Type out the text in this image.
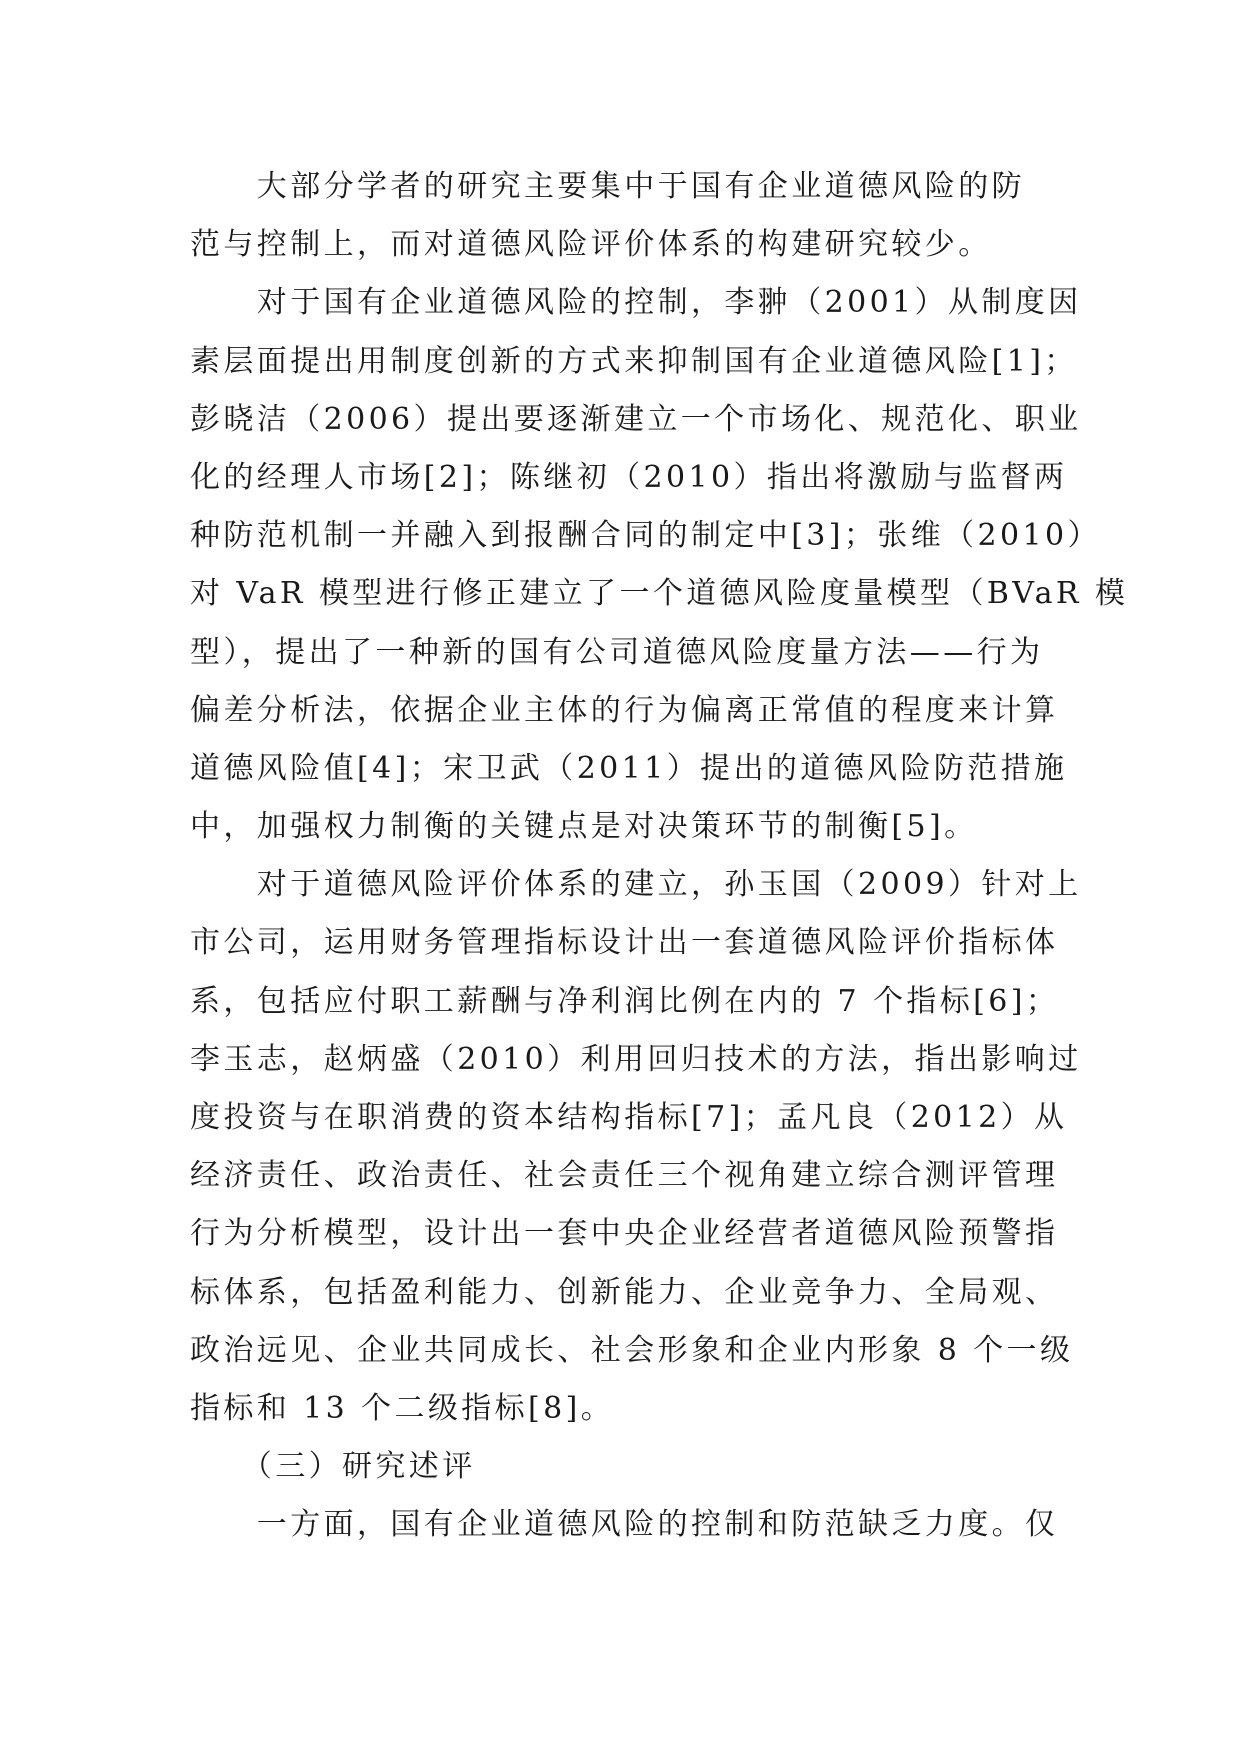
　　大部分学者的研究主要集中于国有企业道德风险的防
范与控制上，而对道德风险评价体系的构建研究较少。
　　对于国有企业道德风险的控制，李翀（2001）从制度因
素层面提出用制度创新的方式来抑制国有企业道德风险[1]；
彭晓洁（2006）提出要逐渐建立一个市场化、规范化、职业
化的经理人市场[2]；陈继初（2010）指出将激励与监督两
种防范机制一并融入到报酬合同的制定中[3]；张维（2010）
对 VaR 模型进行修正建立了一个道德风险度量模型（BVaR 模
型），提出了一种新的国有公司道德风险度量方法——行为
偏差分析法，依据企业主体的行为偏离正常值的程度来计算
道德风险值[4]；宋卫武（2011）提出的道德风险防范措施
中，加强权力制衡的关键点是对决策环节的制衡[5]。
　　对于道德风险评价体系的建立，孙玉国（2009）针对上
市公司，运用财务管理指标设计出一套道德风险评价指标体
系，包括应付职工薪酬与净利润比例在内的 7 个指标[6]；
李玉志，赵炳盛（2010）利用回归技术的方法，指出影响过
度投资与在职消费的资本结构指标[7]；孟凡良（2012）从
经济责任、政治责任、社会责任三个视角建立综合测评管理
行为分析模型，设计出一套中央企业经营者道德风险预警指
标体系，包括盈利能力、创新能力、企业竞争力、全局观、
政治远见、企业共同成长、社会形象和企业内形象 8 个一级
指标和 13 个二级指标[8]。
　　（三）研究述评
　　一方面，国有企业道德风险的控制和防范缺乏力度。仅
